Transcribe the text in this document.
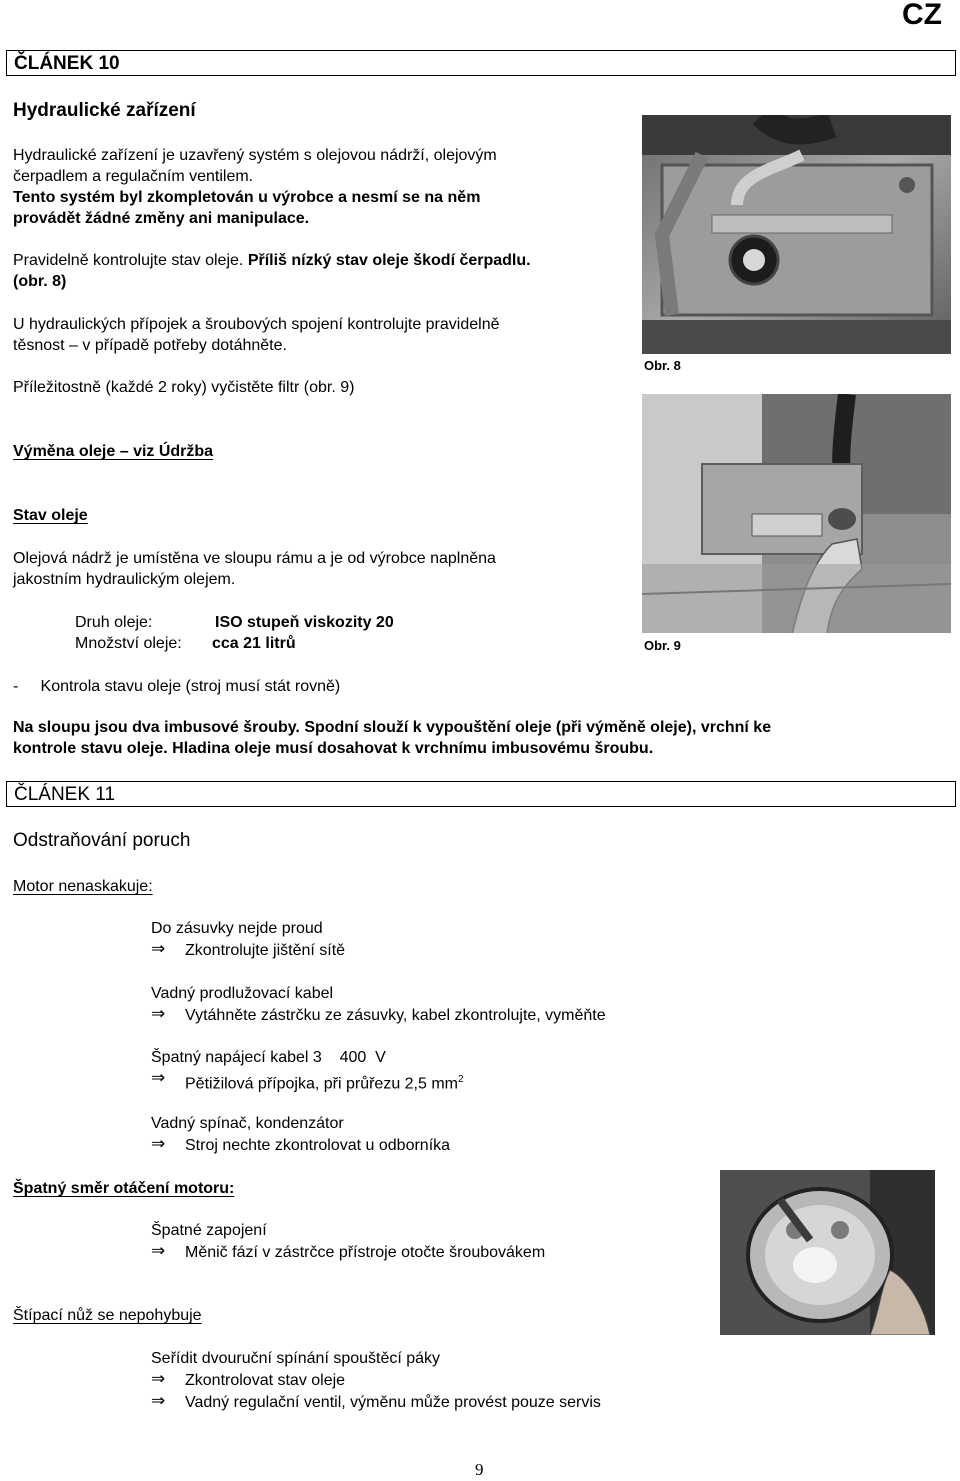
CZ
ČLÁNEK 10
Hydraulické zařízení
Hydraulické zařízení je uzavřený systém s olejovou nádrží, olejovým
čerpadlem a regulačním ventilem.
Tento systém byl zkompletován u výrobce a nesmí se na něm
provádět žádné změny ani manipulace.
Pravidelně kontrolujte stav oleje. Příliš nízký stav oleje škodí čerpadlu.
(obr. 8)
U hydraulických přípojek a šroubových spojení kontrolujte pravidelně
těsnost – v případě potřeby dotáhněte.
Příležitostně (každé 2 roky) vyčistěte filtr (obr. 9)
Výměna oleje – viz Údržba
Stav oleje
Olejová nádrž je umístěna ve sloupu rámu a je od výrobce naplněna
jakostním hydraulickým olejem.
Druh oleje:	ISO stupeň viskozity 20
Množství oleje: cca 21 litrů
-     Kontrola stavu oleje (stroj musí stát rovně)
Na sloupu jsou dva imbusové šrouby. Spodní slouží k vypouštění oleje (při výměně oleje), vrchní ke
kontrole stavu oleje. Hladina oleje musí dosahovat k vrchnímu imbusovému šroubu.
Obr. 8
Obr. 9
ČLÁNEK 11
Odstraňování poruch
Motor nenaskakuje:
Do zásuvky nejde proud
⇒ Zkontrolujte jištění sítě
Vadný prodlužovací kabel
⇒ Vytáhněte zástrčku ze zásuvky, kabel zkontrolujte, vyměňte
Špatný napájecí kabel 3    400  V
⇒ Pětižilová přípojka, při průřezu 2,5 $mm^2$
Vadný spínač, kondenzátor
⇒ Stroj nechte zkontrolovat u odborníka
Špatný směr otáčení motoru:
Špatné zapojení
⇒ Měnič fází v zástrčce přístroje otočte šroubovákem
Štípací nůž se nepohybuje
Seřídit dvouruční spínání spouštěcí páky
⇒ Zkontrolovat stav oleje
⇒ Vadný regulační ventil, výměnu může provést pouze servis
9
